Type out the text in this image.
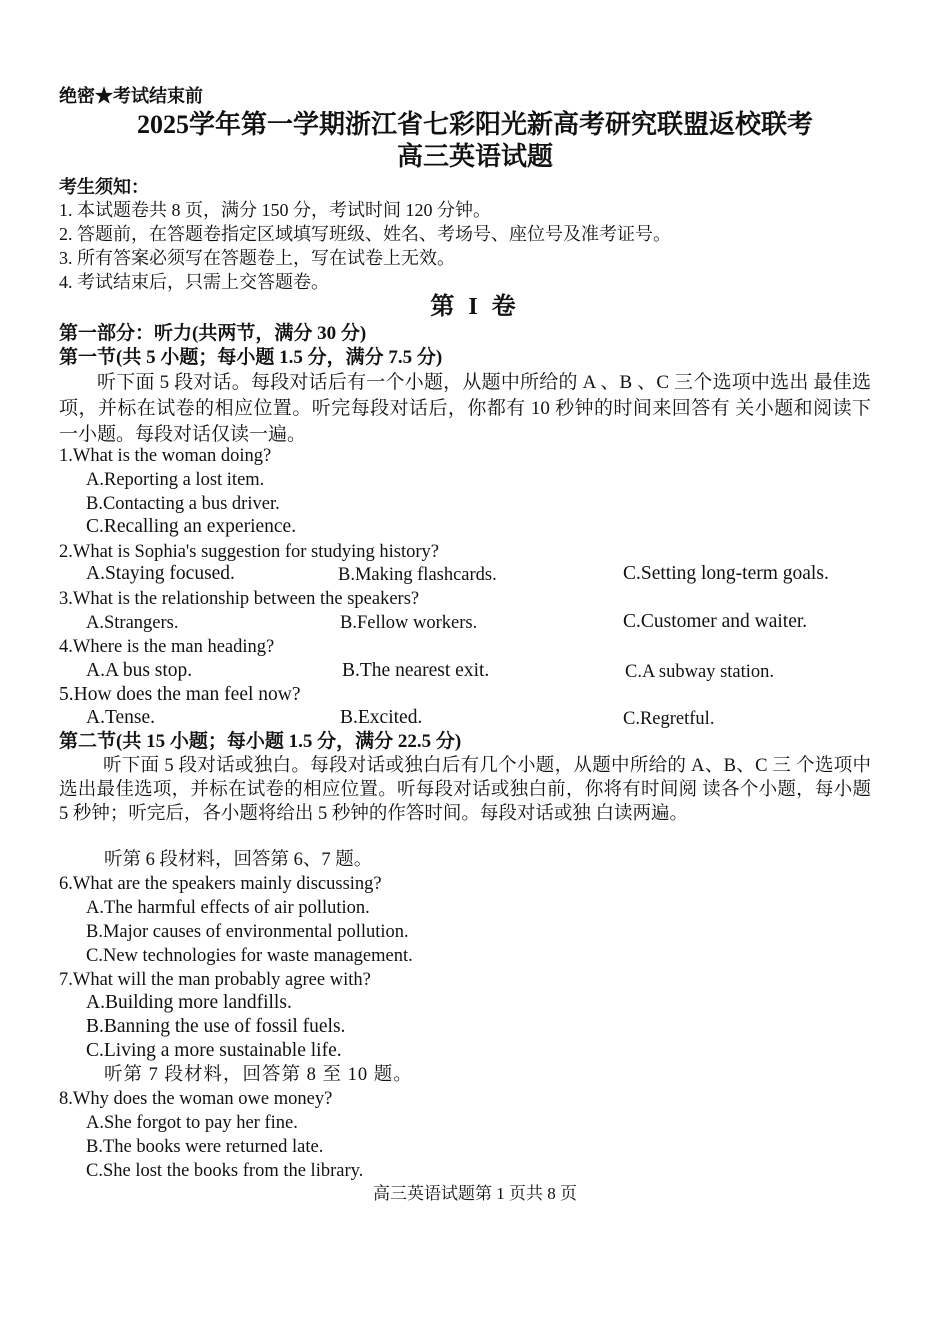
绝密★考试结束前
2025学年第一学期浙江省七彩阳光新高考研究联盟返校联考
高三英语试题
考生须知：
1. 本试题卷共 8 页，满分 150 分，考试时间 120 分钟。
2. 答题前，在答题卷指定区域填写班级、姓名、考场号、座位号及准考证号。
3. 所有答案必须写在答题卷上，写在试卷上无效。
4. 考试结束后，只需上交答题卷。
第 I 卷
第一部分：听力(共两节，满分 30 分)
第一节(共 5 小题；每小题 1.5 分，满分 7.5 分)
听下面 5 段对话。每段对话后有一个小题，从题中所给的 A 、B 、C 三个选项中选出 最佳选项，并标在试卷的相应位置。听完每段对话后，你都有 10 秒钟的时间来回答有 关小题和阅读下一小题。每段对话仅读一遍。
1.What is the woman doing?
A.Reporting a lost item.
B.Contacting a bus driver.
C.Recalling an experience.
2.What is Sophia's suggestion for studying history?
A.Staying focused.	B.Making flashcards.	C.Setting long-term goals.
3.What is the relationship between the speakers?
A.Strangers.	B.Fellow workers.	C.Customer and waiter.
4.Where is the man heading?
A.A bus stop.	B.The nearest exit.	C.A subway station.
5.How does the man feel now?
A.Tense.	B.Excited.	C.Regretful.
第二节(共 15 小题；每小题 1.5 分，满分 22.5 分)
听下面 5 段对话或独白。每段对话或独白后有几个小题，从题中所给的 A、B、C 三 个选项中选出最佳选项，并标在试卷的相应位置。听每段对话或独白前，你将有时间阅 读各个小题，每小题 5 秒钟；听完后，各小题将给出 5 秒钟的作答时间。每段对话或独 白读两遍。
听第 6 段材料，回答第 6、7 题。
6.What are the speakers mainly discussing?
A.The harmful effects of air pollution.
B.Major causes of environmental pollution.
C.New technologies for waste management.
7.What will the man probably agree with?
A.Building more landfills.
B.Banning the use of fossil fuels.
C.Living a more sustainable life.
听第 7 段材料，回答第 8 至 10 题。
8.Why does the woman owe money?
A.She forgot to pay her fine.
B.The books were returned late.
C.She lost the books from the library.
高三英语试题第 1 页共 8 页
